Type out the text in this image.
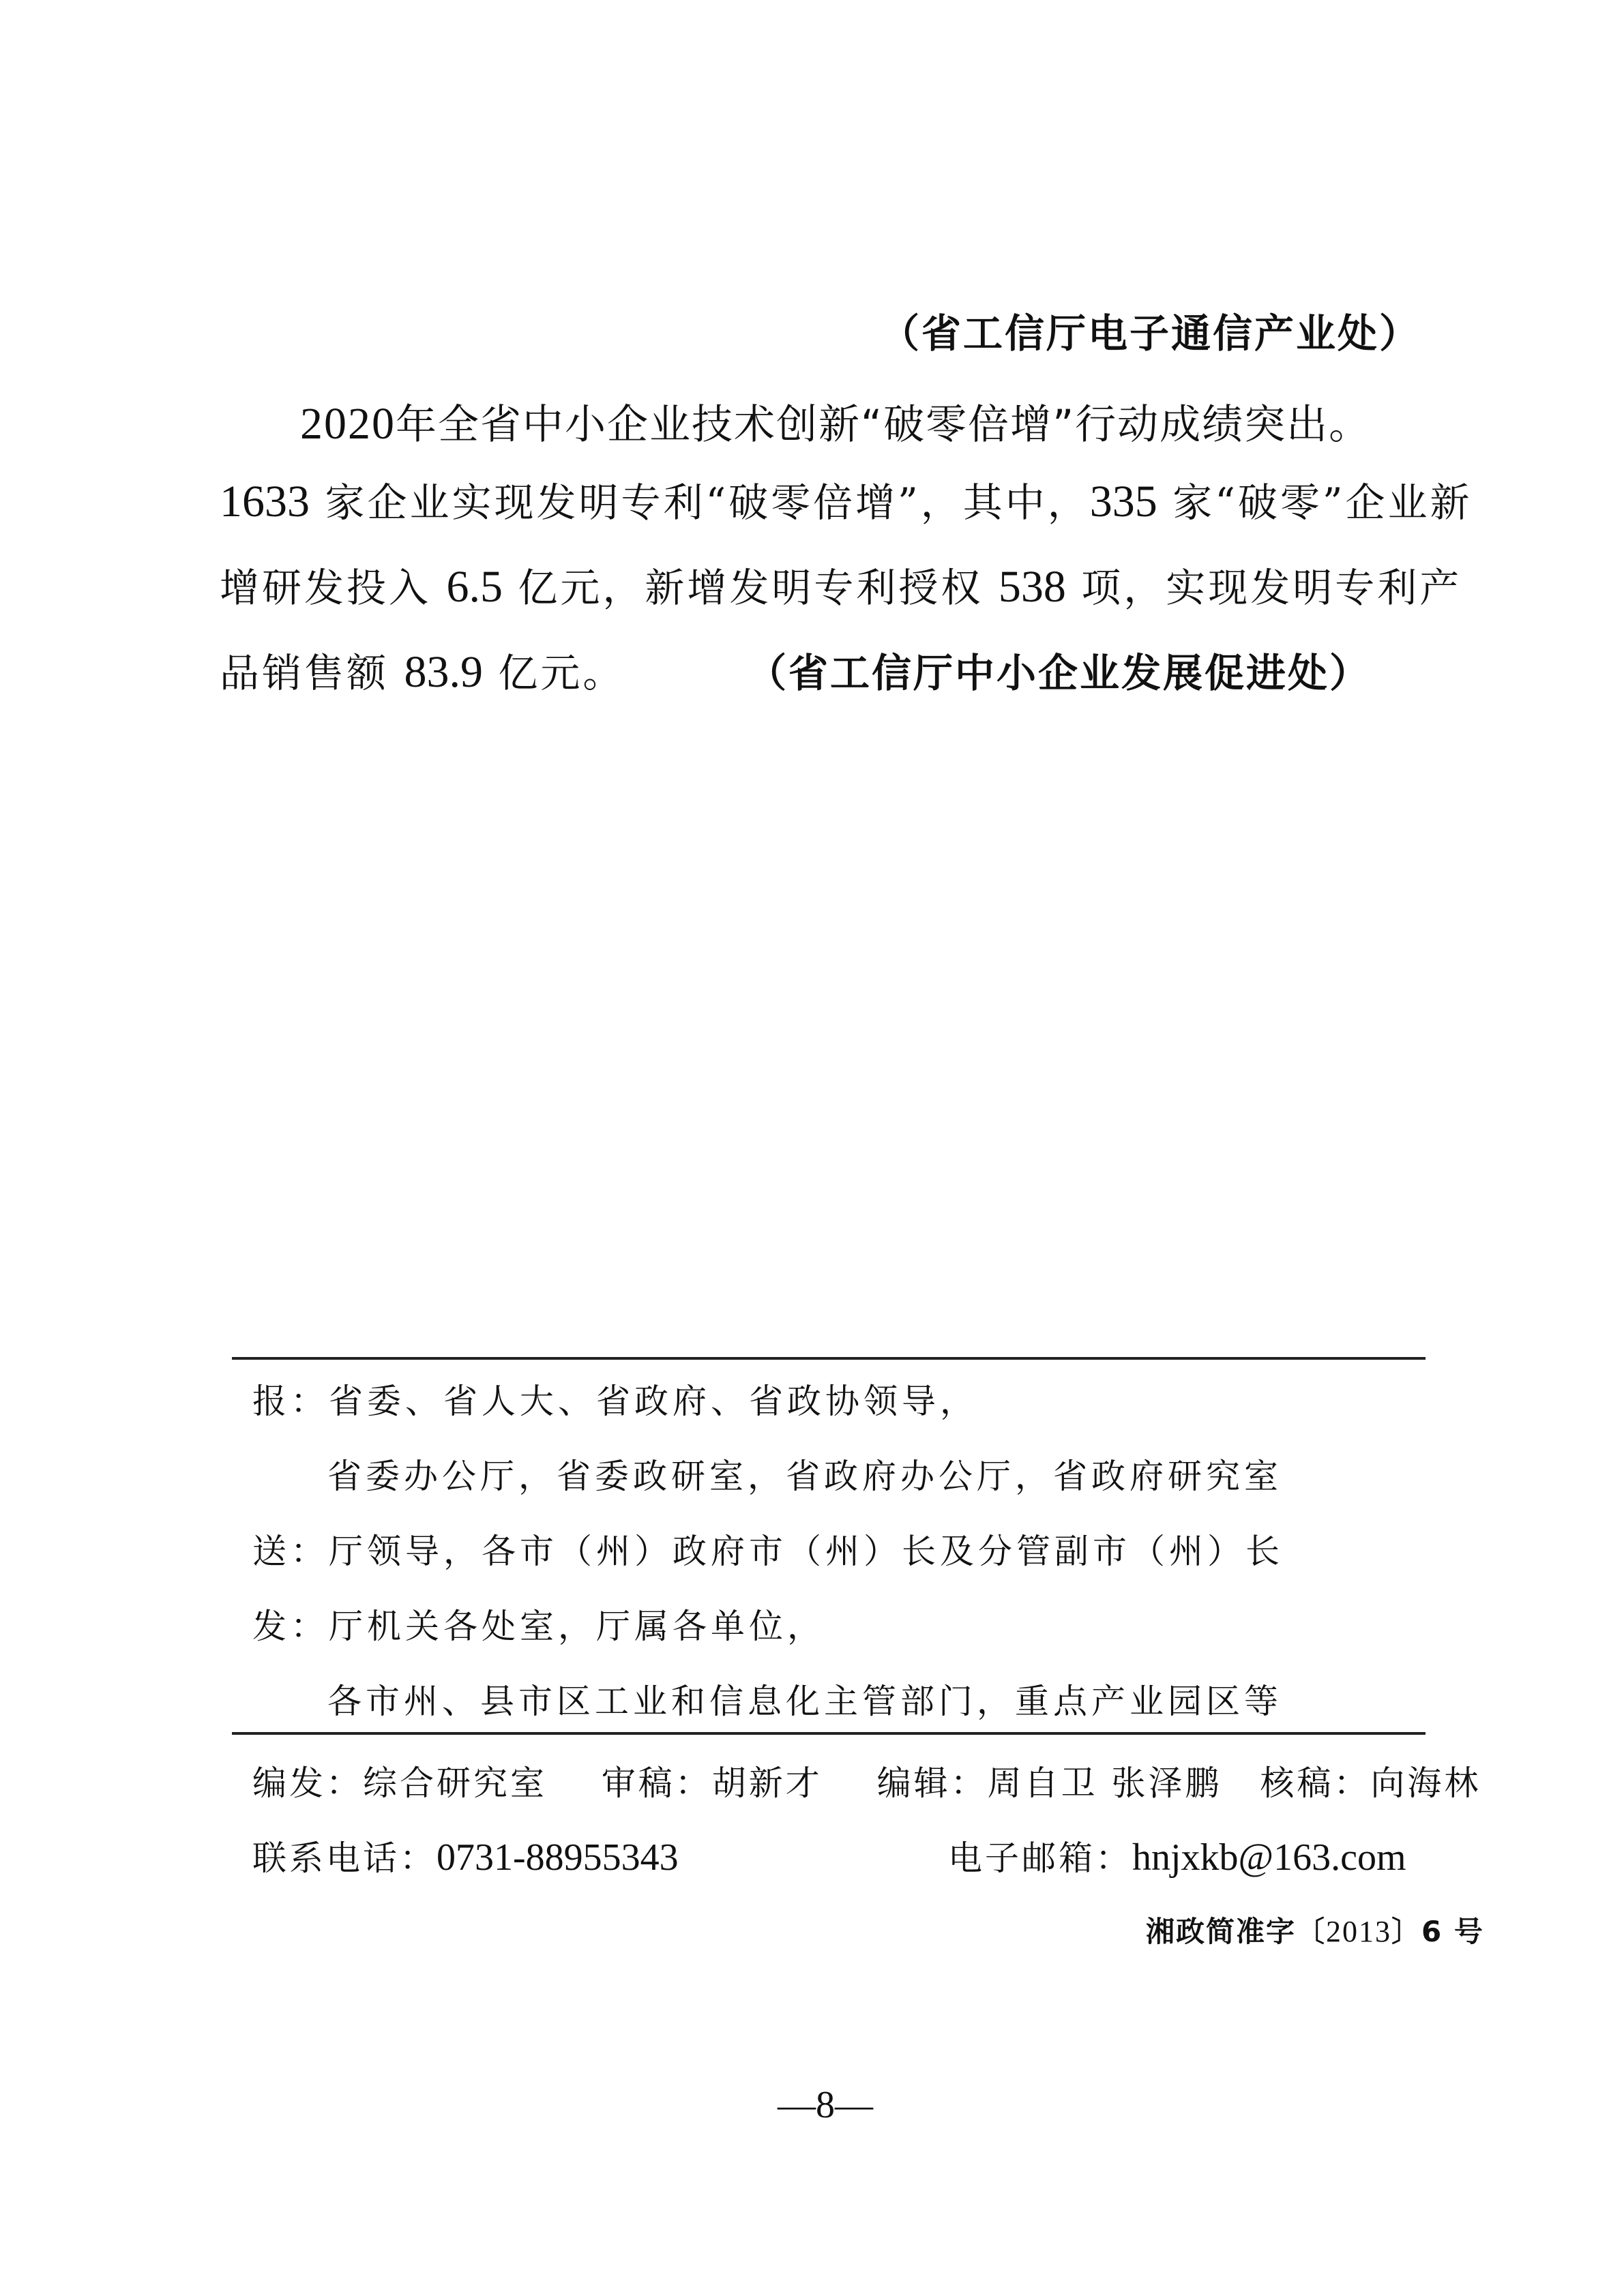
（省工信厅电子通信产业处）
2020年全省中小企业技术创新“破零倍增”行动成绩突出。
1633 家企业实现发明专利“破零倍增”，其中，335 家“破零”企业新
增研发投入 6.5 亿元，新增发明专利授权 538 项，实现发明专利产
品销售额 83.9 亿元。	（省工信厅中小企业发展促进处）
报：省委、省人大、省政府、省政协领导，
省委办公厅，省委政研室，省政府办公厅，省政府研究室
送：厅领导，各市（州）政府市（州）长及分管副市（州）长
发：厅机关各处室，厅属各单位，
各市州、县市区工业和信息化主管部门，重点产业园区等
编发：综合研究室 审稿：胡新才 编辑：周自卫 张泽鹏 核稿：向海林
联系电话：0731-88955343	电子邮箱：hnjxkb@163.com
湘政简准字〔2013〕6 号
—8—
